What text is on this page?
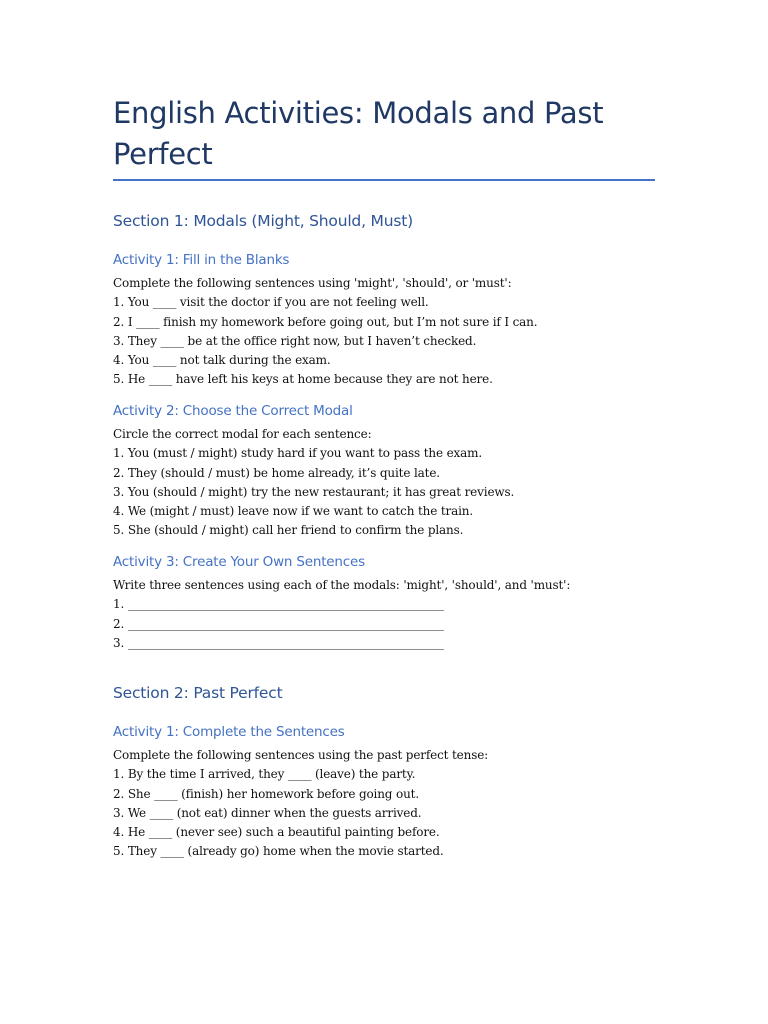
English Activities: Modals and Past Perfect
Section 1: Modals (Might, Should, Must)
Activity 1: Fill in the Blanks
Complete the following sentences using 'might', 'should', or 'must':
1. You ____ visit the doctor if you are not feeling well.
2. I ____ finish my homework before going out, but I’m not sure if I can.
3. They ____ be at the office right now, but I haven’t checked.
4. You ____ not talk during the exam.
5. He ____ have left his keys at home because they are not here.
Activity 2: Choose the Correct Modal
Circle the correct modal for each sentence:
1. You (must / might) study hard if you want to pass the exam.
2. They (should / must) be home already, it’s quite late.
3. You (should / might) try the new restaurant; it has great reviews.
4. We (might / must) leave now if we want to catch the train.
5. She (should / might) call her friend to confirm the plans.
Activity 3: Create Your Own Sentences
Write three sentences using each of the modals: 'might', 'should', and 'must':
1. ______________________________________________________
2. ______________________________________________________
3. ______________________________________________________
Section 2: Past Perfect
Activity 1: Complete the Sentences
Complete the following sentences using the past perfect tense:
1. By the time I arrived, they ____ (leave) the party.
2. She ____ (finish) her homework before going out.
3. We ____ (not eat) dinner when the guests arrived.
4. He ____ (never see) such a beautiful painting before.
5. They ____ (already go) home when the movie started.
